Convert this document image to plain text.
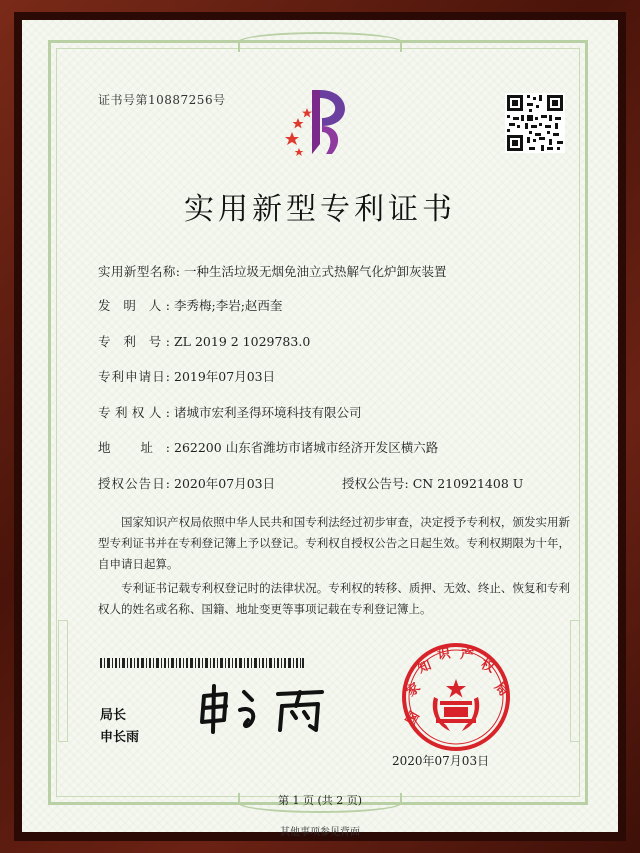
证书号第10887256号
实用新型专利证书
实用新型名称: 一种生活垃圾无烟免油立式热解气化炉卸灰装置
发 明 人: 李秀梅;李岩;赵西奎
专 利 号: ZL 2019 2 1029783.0
专利申请日: 2019年07月03日
专利权人: 诸城市宏利圣得环境科技有限公司
地 址: 262200 山东省潍坊市诸城市经济开发区横六路
授权公告日: 2020年07月03日	授权公告号: CN 210921408 U
国家知识产权局依照中华人民共和国专利法经过初步审查，决定授予专利权，颁发实用新型专利证书并在专利登记簿上予以登记。专利权自授权公告之日起生效。专利权期限为十年，自申请日起算。
专利证书记载专利权登记时的法律状况。专利权的转移、质押、无效、终止、恢复和专利权人的姓名或名称、国籍、地址变更等事项记载在专利登记簿上。
局长
申长雨
国
家
知
识 产
权
局
2020年07月03日
第 1 页 (共 2 页)
其他事项参见背面
